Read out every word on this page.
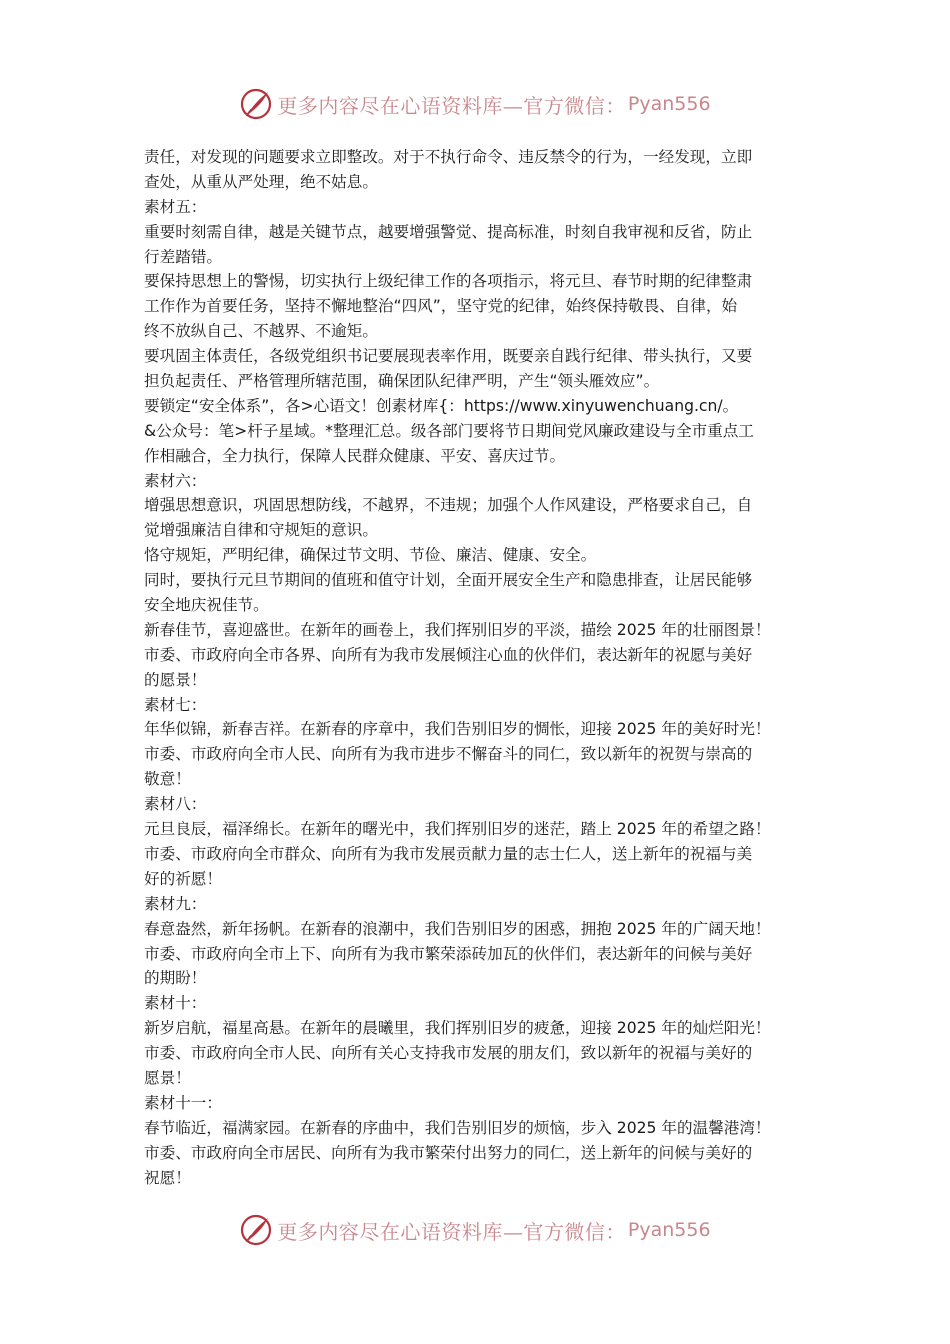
更多内容尽在心语资料库—官方微信： Pyan556
责任，对发现的问题要求立即整改。对于不执行命令、违反禁令的行为，一经发现，立即
查处，从重从严处理，绝不姑息。
素材五：
重要时刻需自律，越是关键节点，越要增强警觉、提高标准，时刻自我审视和反省，防止
行差踏错。
要保持思想上的警惕，切实执行上级纪律工作的各项指示，将元旦、春节时期的纪律整肃
工作作为首要任务，坚持不懈地整治“四风”，坚守党的纪律，始终保持敬畏、自律，始
终不放纵自己、不越界、不逾矩。
要巩固主体责任，各级党组织书记要展现表率作用，既要亲自践行纪律、带头执行，又要
担负起责任、严格管理所辖范围，确保团队纪律严明，产生“领头雁效应”。
要锁定“安全体系”，各>心语文！创素材库{：https://www.xinyuwenchuang.cn/。
&公众号：笔>杆子星域。*整理汇总。级各部门要将节日期间党风廉政建设与全市重点工
作相融合，全力执行，保障人民群众健康、平安、喜庆过节。
素材六：
增强思想意识，巩固思想防线，不越界，不违规；加强个人作风建设，严格要求自己，自
觉增强廉洁自律和守规矩的意识。
恪守规矩，严明纪律，确保过节文明、节俭、廉洁、健康、安全。
同时，要执行元旦节期间的值班和值守计划，全面开展安全生产和隐患排查，让居民能够
安全地庆祝佳节。
新春佳节，喜迎盛世。在新年的画卷上，我们挥别旧岁的平淡，描绘 2025 年的壮丽图景！
市委、市政府向全市各界、向所有为我市发展倾注心血的伙伴们，表达新年的祝愿与美好
的愿景！
素材七：
年华似锦，新春吉祥。在新春的序章中，我们告别旧岁的惆怅，迎接 2025 年的美好时光！
市委、市政府向全市人民、向所有为我市进步不懈奋斗的同仁，致以新年的祝贺与崇高的
敬意！
素材八：
元旦良辰，福泽绵长。在新年的曙光中，我们挥别旧岁的迷茫，踏上 2025 年的希望之路！
市委、市政府向全市群众、向所有为我市发展贡献力量的志士仁人，送上新年的祝福与美
好的祈愿！
素材九：
春意盎然，新年扬帆。在新春的浪潮中，我们告别旧岁的困惑，拥抱 2025 年的广阔天地！
市委、市政府向全市上下、向所有为我市繁荣添砖加瓦的伙伴们，表达新年的问候与美好
的期盼！
素材十：
新岁启航，福星高悬。在新年的晨曦里，我们挥别旧岁的疲惫，迎接 2025 年的灿烂阳光！
市委、市政府向全市人民、向所有关心支持我市发展的朋友们，致以新年的祝福与美好的
愿景！
素材十一：
春节临近，福满家园。在新春的序曲中，我们告别旧岁的烦恼，步入 2025 年的温馨港湾！
市委、市政府向全市居民、向所有为我市繁荣付出努力的同仁，送上新年的问候与美好的
祝愿！
更多内容尽在心语资料库—官方微信： Pyan556
